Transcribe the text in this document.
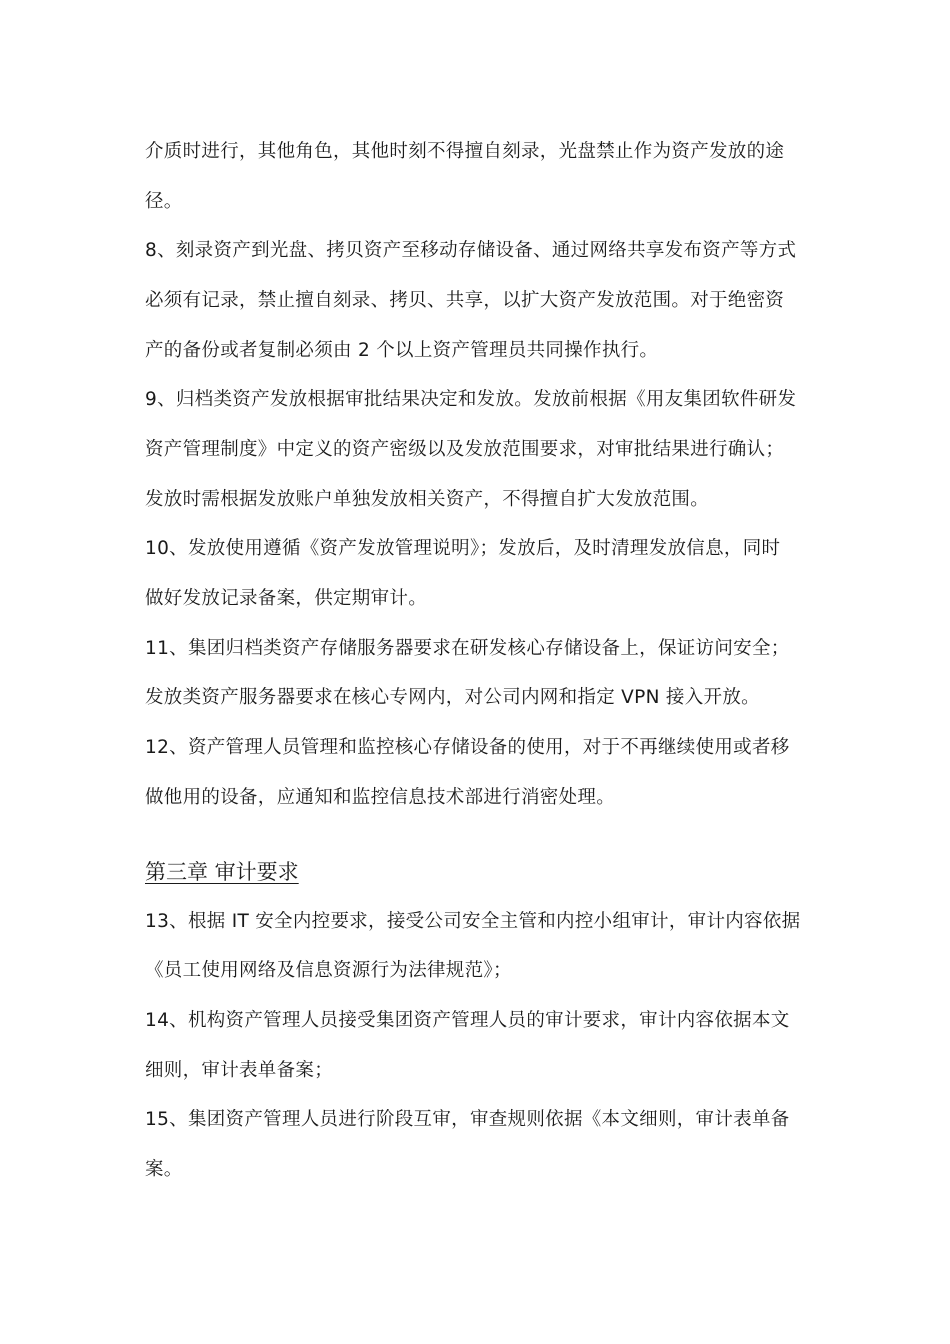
介质时进行，其他角色，其他时刻不得擅自刻录，光盘禁止作为资产发放的途
径。
8、刻录资产到光盘、拷贝资产至移动存储设备、通过网络共享发布资产等方式
必须有记录，禁止擅自刻录、拷贝、共享，以扩大资产发放范围。对于绝密资
产的备份或者复制必须由 2 个以上资产管理员共同操作执行。
9、归档类资产发放根据审批结果决定和发放。发放前根据《用友集团软件研发
资产管理制度》中定义的资产密级以及发放范围要求，对审批结果进行确认；
发放时需根据发放账户单独发放相关资产，不得擅自扩大发放范围。
10、发放使用遵循《资产发放管理说明》；发放后，及时清理发放信息，同时
做好发放记录备案，供定期审计。
11、集团归档类资产存储服务器要求在研发核心存储设备上，保证访问安全；
发放类资产服务器要求在核心专网内，对公司内网和指定 VPN 接入开放。
12、资产管理人员管理和监控核心存储设备的使用，对于不再继续使用或者移
做他用的设备，应通知和监控信息技术部进行消密处理。
第三章 审计要求
13、根据 IT 安全内控要求，接受公司安全主管和内控小组审计，审计内容依据
《员工使用网络及信息资源行为法律规范》；
14、机构资产管理人员接受集团资产管理人员的审计要求，审计内容依据本文
细则，审计表单备案；
15、集团资产管理人员进行阶段互审，审查规则依据《本文细则，审计表单备
案。
